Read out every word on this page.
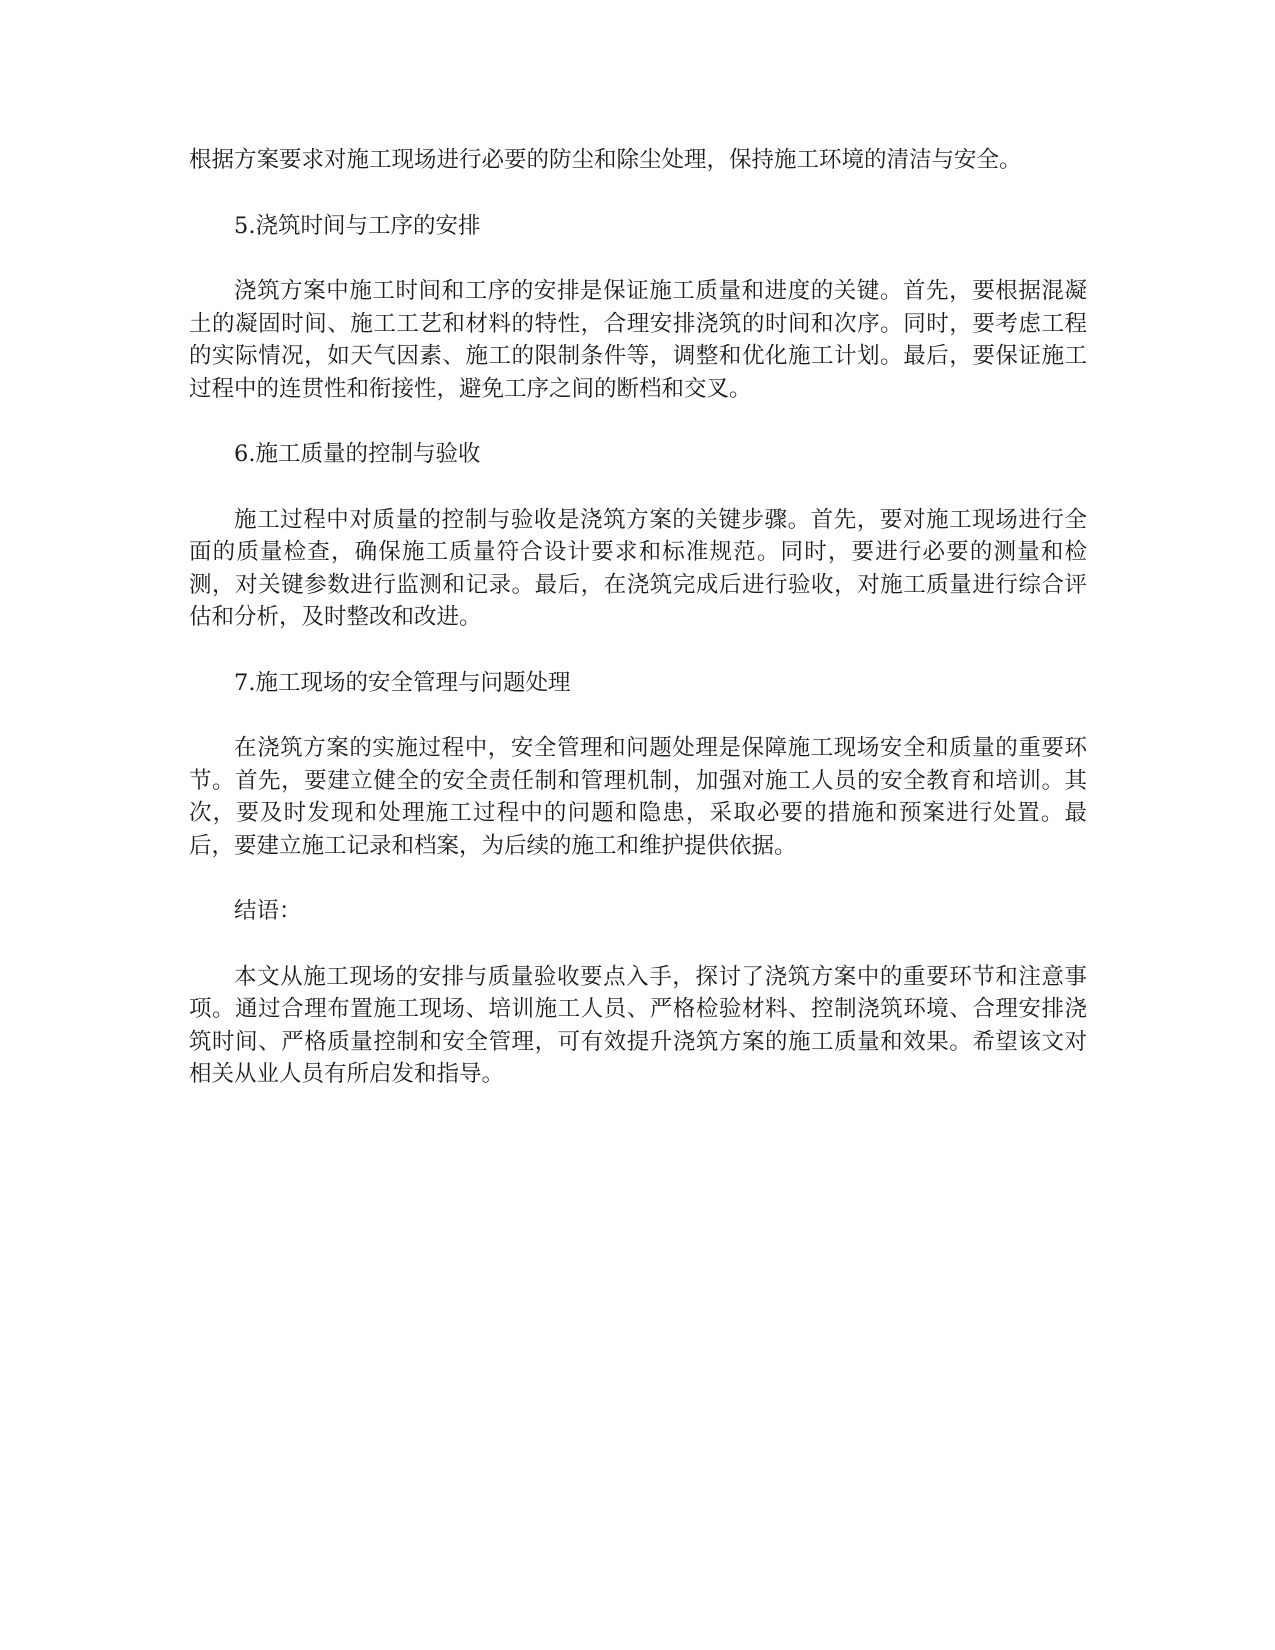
根据方案要求对施工现场进行必要的防尘和除尘处理，保持施工环境的清洁与安全。

5.浇筑时间与工序的安排

浇筑方案中施工时间和工序的安排是保证施工质量和进度的关键。首先，要根据混凝土的凝固时间、施工工艺和材料的特性，合理安排浇筑的时间和次序。同时，要考虑工程的实际情况，如天气因素、施工的限制条件等，调整和优化施工计划。最后，要保证施工过程中的连贯性和衔接性，避免工序之间的断档和交叉。

6.施工质量的控制与验收

施工过程中对质量的控制与验收是浇筑方案的关键步骤。首先，要对施工现场进行全面的质量检查，确保施工质量符合设计要求和标准规范。同时，要进行必要的测量和检测，对关键参数进行监测和记录。最后，在浇筑完成后进行验收，对施工质量进行综合评估和分析，及时整改和改进。

7.施工现场的安全管理与问题处理

在浇筑方案的实施过程中，安全管理和问题处理是保障施工现场安全和质量的重要环节。首先，要建立健全的安全责任制和管理机制，加强对施工人员的安全教育和培训。其次，要及时发现和处理施工过程中的问题和隐患，采取必要的措施和预案进行处置。最后，要建立施工记录和档案，为后续的施工和维护提供依据。

结语：

本文从施工现场的安排与质量验收要点入手，探讨了浇筑方案中的重要环节和注意事项。通过合理布置施工现场、培训施工人员、严格检验材料、控制浇筑环境、合理安排浇筑时间、严格质量控制和安全管理，可有效提升浇筑方案的施工质量和效果。希望该文对相关从业人员有所启发和指导。
